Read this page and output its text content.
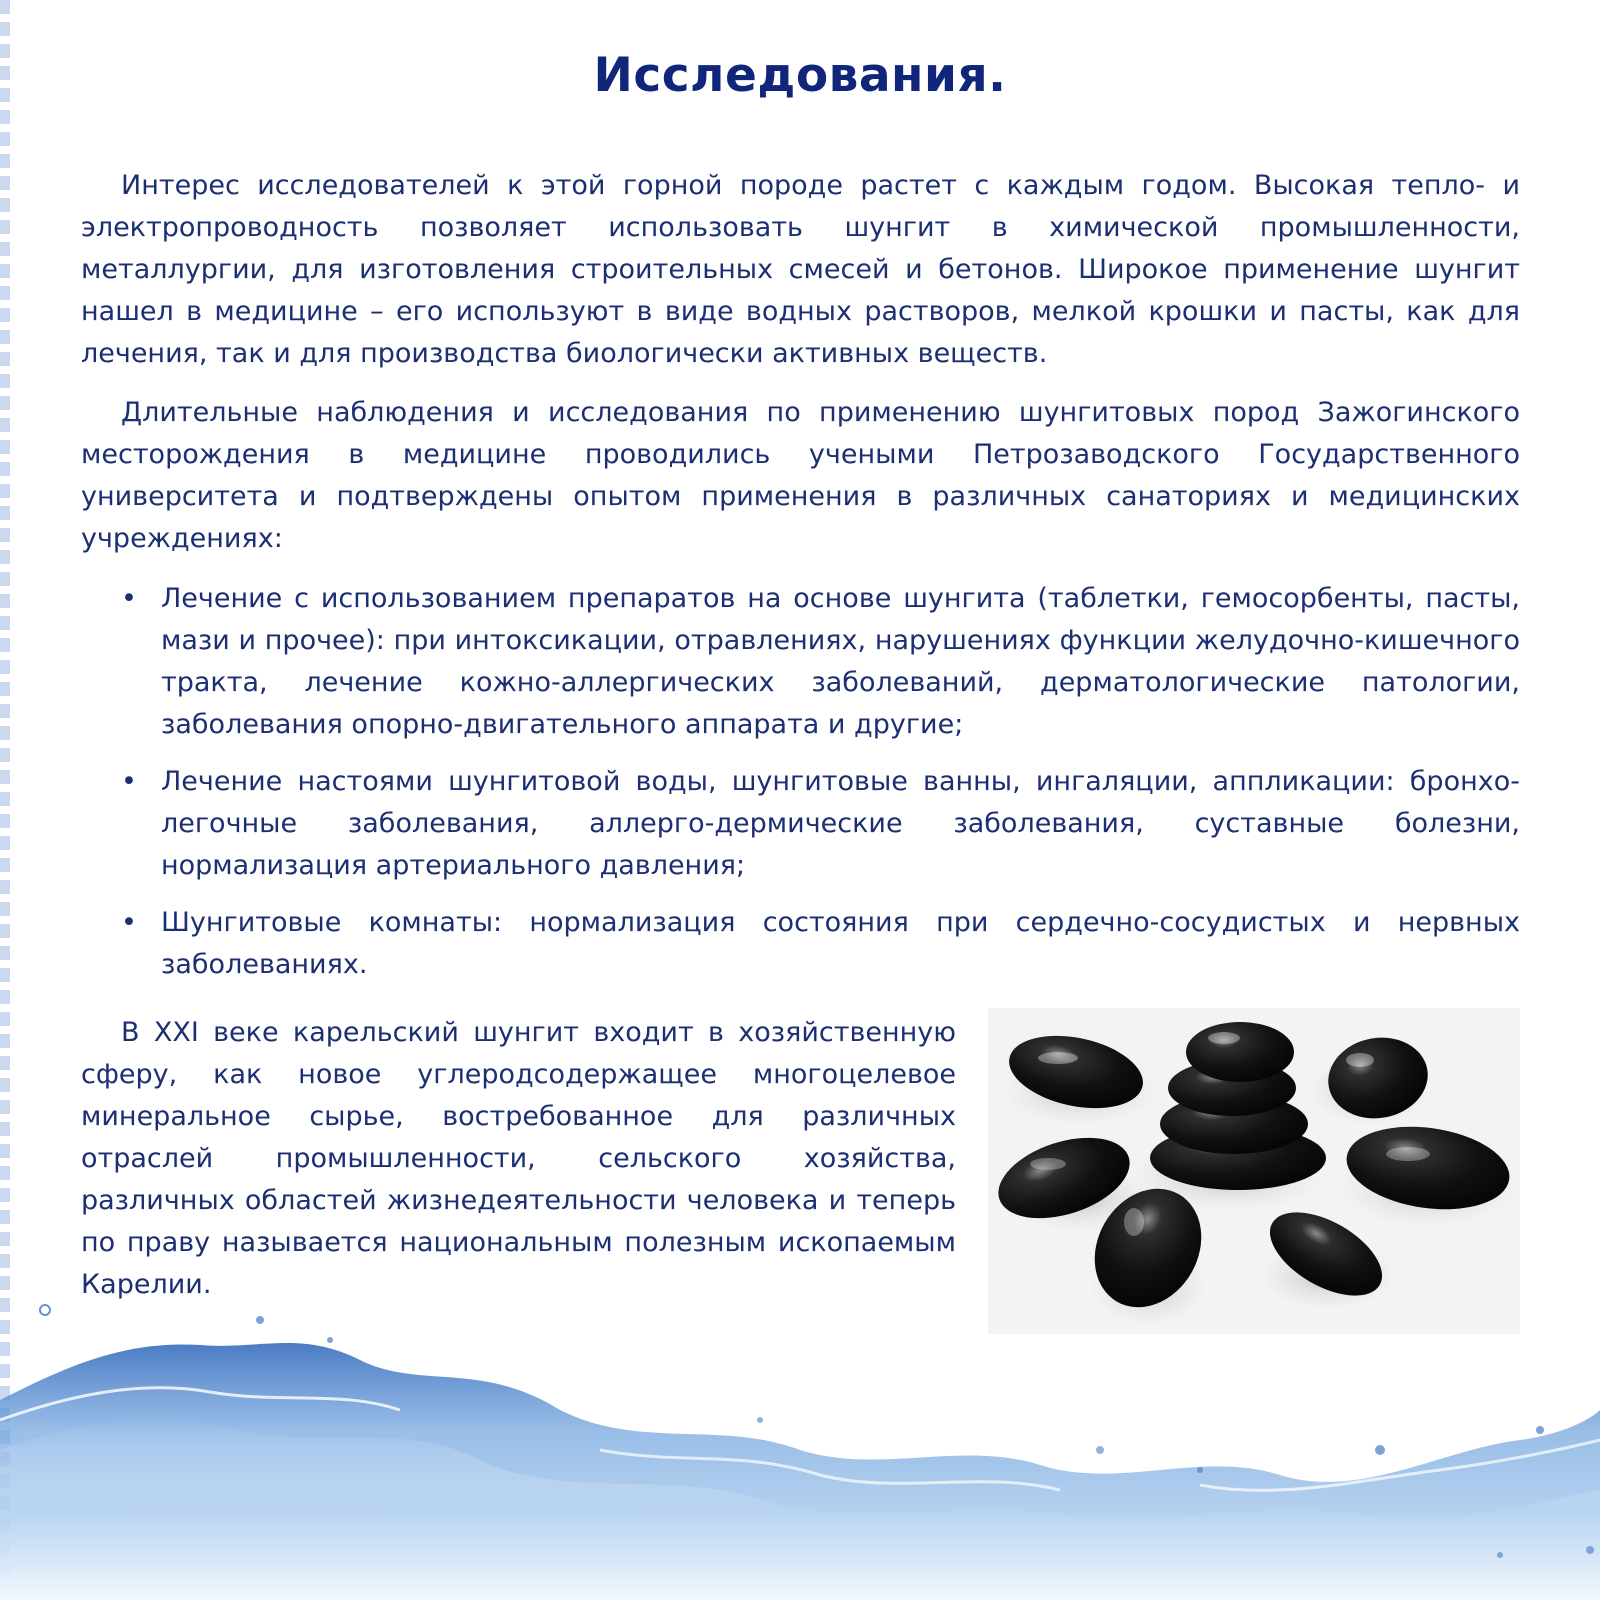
Исследования.

Интерес исследователей к этой горной породе растет с каждым годом. Высокая тепло- и электропроводность позволяет использовать шунгит в химической промышленности, металлургии, для изготовления строительных смесей и бетонов. Широкое применение шунгит нашел в медицине – его используют в виде водных растворов, мелкой крошки и пасты, как для лечения, так и для производства биологически активных веществ.

Длительные наблюдения и исследования по применению шунгитовых пород Зажогинского месторождения в медицине проводились учеными Петрозаводского Государственного университета и подтверждены опытом применения в различных санаториях и медицинских учреждениях:

• Лечение с использованием препаратов на основе шунгита (таблетки, гемосорбенты, пасты, мази и прочее): при интоксикации, отравлениях, нарушениях функции желудочно-кишечного тракта, лечение кожно-аллергических заболеваний, дерматологические патологии, заболевания опорно-двигательного аппарата и другие;
• Лечение настоями шунгитовой воды, шунгитовые ванны, ингаляции, аппликации: бронхо-легочные заболевания, аллерго-дермические заболевания, суставные болезни, нормализация артериального давления;
• Шунгитовые комнаты: нормализация состояния при сердечно-сосудистых и нервных заболеваниях.

В XXI веке карельский шунгит входит в хозяйственную сферу, как новое углеродсодержащее многоцелевое минеральное сырье, востребованное для различных отраслей промышленности, сельского хозяйства, различных областей жизнедеятельности человека и теперь по праву называется национальным полезным ископаемым Карелии.
